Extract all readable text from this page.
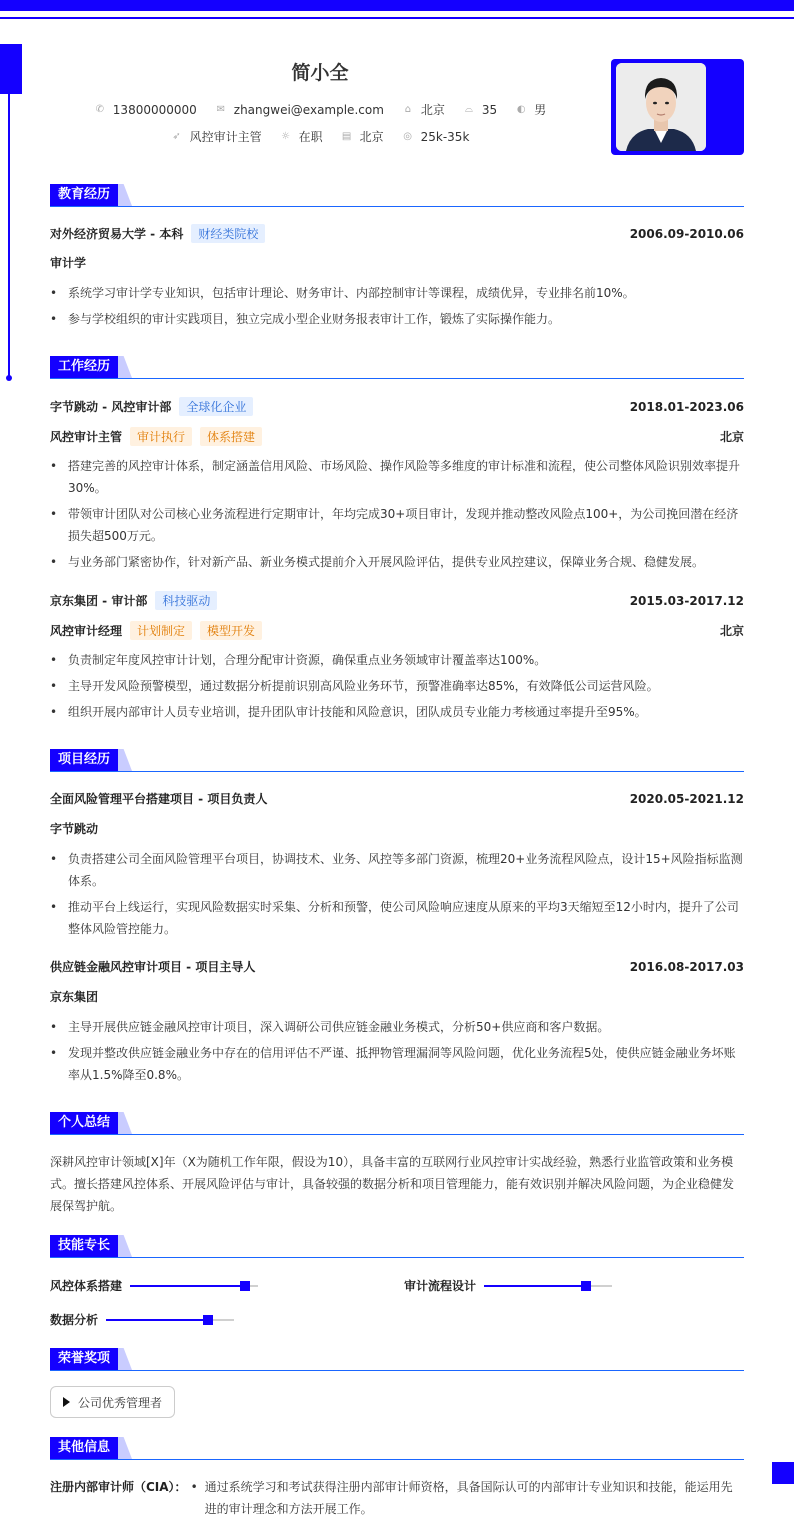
简小全
✆ 13800000000 ✉ zhangwei@example.com ⌂ 北京 ⌓ 35 ◐ 男
➶ 风控审计主管 ☼ 在职 ▤ 北京 ◎ 25k-35k
教育经历
对外经济贸易大学 - 本科 财经类院校	2006.09-2010.06
审计学
• 系统学习审计学专业知识，包括审计理论、财务审计、内部控制审计等课程，成绩优异，专业排名前10%。
• 参与学校组织的审计实践项目，独立完成小型企业财务报表审计工作，锻炼了实际操作能力。
工作经历
字节跳动 - 风控审计部 全球化企业	2018.01-2023.06
风控审计主管 审计执行 体系搭建	北京
• 搭建完善的风控审计体系，制定涵盖信用风险、市场风险、操作风险等多维度的审计标准和流程，使公司整体风险识别效率提升30%。
• 带领审计团队对公司核心业务流程进行定期审计，年均完成30+项目审计，发现并推动整改风险点100+，为公司挽回潜在经济损失超500万元。
• 与业务部门紧密协作，针对新产品、新业务模式提前介入开展风险评估，提供专业风控建议，保障业务合规、稳健发展。
京东集团 - 审计部 科技驱动	2015.03-2017.12
风控审计经理 计划制定 模型开发	北京
• 负责制定年度风控审计计划，合理分配审计资源，确保重点业务领域审计覆盖率达100%。
• 主导开发风险预警模型，通过数据分析提前识别高风险业务环节，预警准确率达85%，有效降低公司运营风险。
• 组织开展内部审计人员专业培训，提升团队审计技能和风险意识，团队成员专业能力考核通过率提升至95%。
项目经历
全面风险管理平台搭建项目 - 项目负责人	2020.05-2021.12
字节跳动
• 负责搭建公司全面风险管理平台项目，协调技术、业务、风控等多部门资源，梳理20+业务流程风险点，设计15+风险指标监测体系。
• 推动平台上线运行，实现风险数据实时采集、分析和预警，使公司风险响应速度从原来的平均3天缩短至12小时内，提升了公司整体风险管控能力。
供应链金融风控审计项目 - 项目主导人	2016.08-2017.03
京东集团
• 主导开展供应链金融风控审计项目，深入调研公司供应链金融业务模式，分析50+供应商和客户数据。
• 发现并整改供应链金融业务中存在的信用评估不严谨、抵押物管理漏洞等风险问题，优化业务流程5处，使供应链金融业务坏账率从1.5%降至0.8%。
个人总结
深耕风控审计领域[X]年（X为随机工作年限，假设为10），具备丰富的互联网行业风控审计实战经验，熟悉行业监管政策和业务模式。擅长搭建风控体系、开展风险评估与审计，具备较强的数据分析和项目管理能力，能有效识别并解决风险问题，为企业稳健发展保驾护航。
技能专长
风控体系搭建	审计流程设计
数据分析
荣誉奖项
公司优秀管理者
其他信息
注册内部审计师（CIA）： • 通过系统学习和考试获得注册内部审计师资格，具备国际认可的内部审计专业知识和技能，能运用先进的审计理念和方法开展工作。
